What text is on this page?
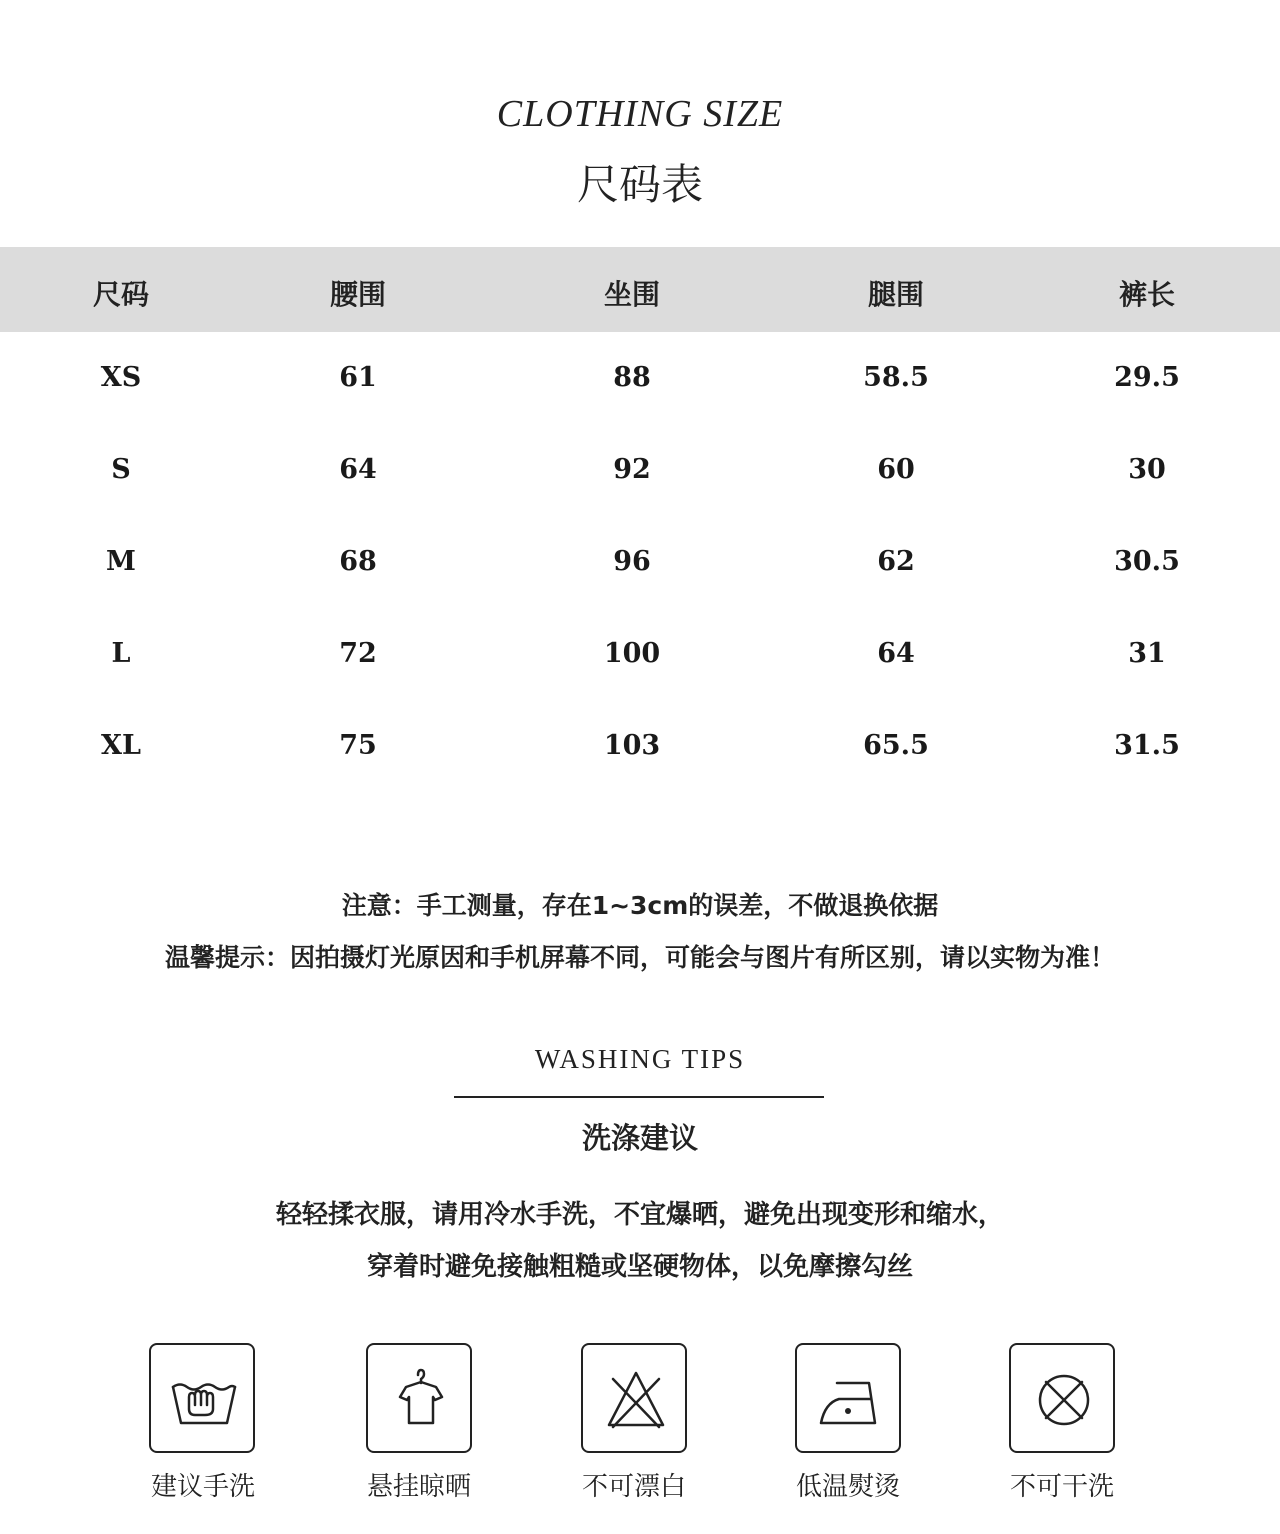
CLOTHING SIZE
尺码表
尺码	腰围	坐围	腿围	裤长
XS	61	88	58.5	29.5
S	64	92	60	30
M	68	96	62	30.5
L	72	100	64	31
XL	75	103	65.5	31.5
注意：手工测量，存在1~3cm的误差，不做退换依据
温馨提示：因拍摄灯光原因和手机屏幕不同，可能会与图片有所区别，请以实物为准！
WASHING TIPS
洗涤建议
轻轻揉衣服，请用冷水手洗，不宜爆晒，避免出现变形和缩水，
穿着时避免接触粗糙或坚硬物体，以免摩擦勾丝
建议手洗	悬挂晾晒	不可漂白	低温熨烫	不可干洗
